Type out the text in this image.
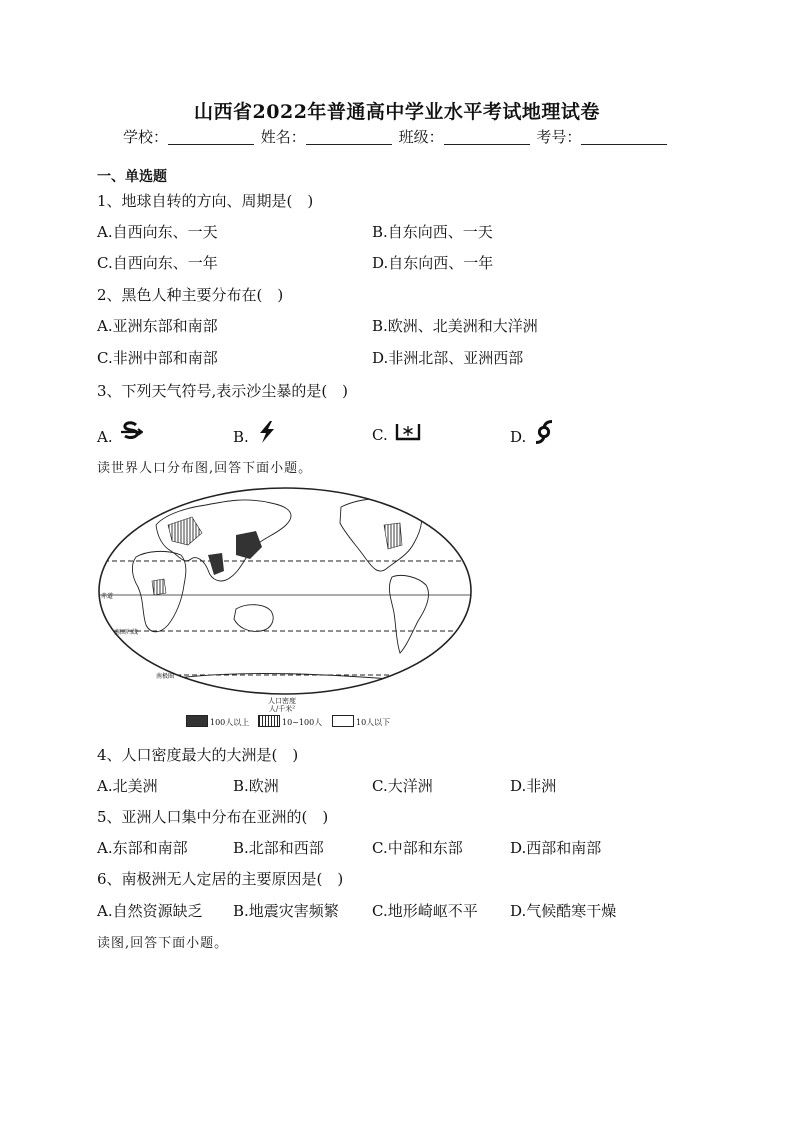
山西省2022年普通高中学业水平考试地理试卷
学校：	姓名：	班级：	考号：
一、单选题
1、地球自转的方向、周期是(　)
A.自西向东、一天	B.自东向西、一天
C.自西向东、一年	D.自东向西、一年
2、黑色人种主要分布在(　)
A.亚洲东部和南部	B.欧洲、北美洲和大洋洲
C.非洲中部和南部	D.非洲北部、亚洲西部
3、下列天气符号,表示沙尘暴的是(　)
A.	B.	C.	D.
读世界人口分布图,回答下面小题。
赤道
南回归线
南极圈
人口密度
人/千米²
100人以上	10~100人	10人以下
4、人口密度最大的大洲是(　)
A.北美洲	B.欧洲	C.大洋洲	D.非洲
5、亚洲人口集中分布在亚洲的(　)
A.东部和南部	B.北部和西部	C.中部和东部	D.西部和南部
6、南极洲无人定居的主要原因是(　)
A.自然资源缺乏 B.地震灾害频繁 C.地形崎岖不平 D.气候酷寒干燥
读图,回答下面小题。
